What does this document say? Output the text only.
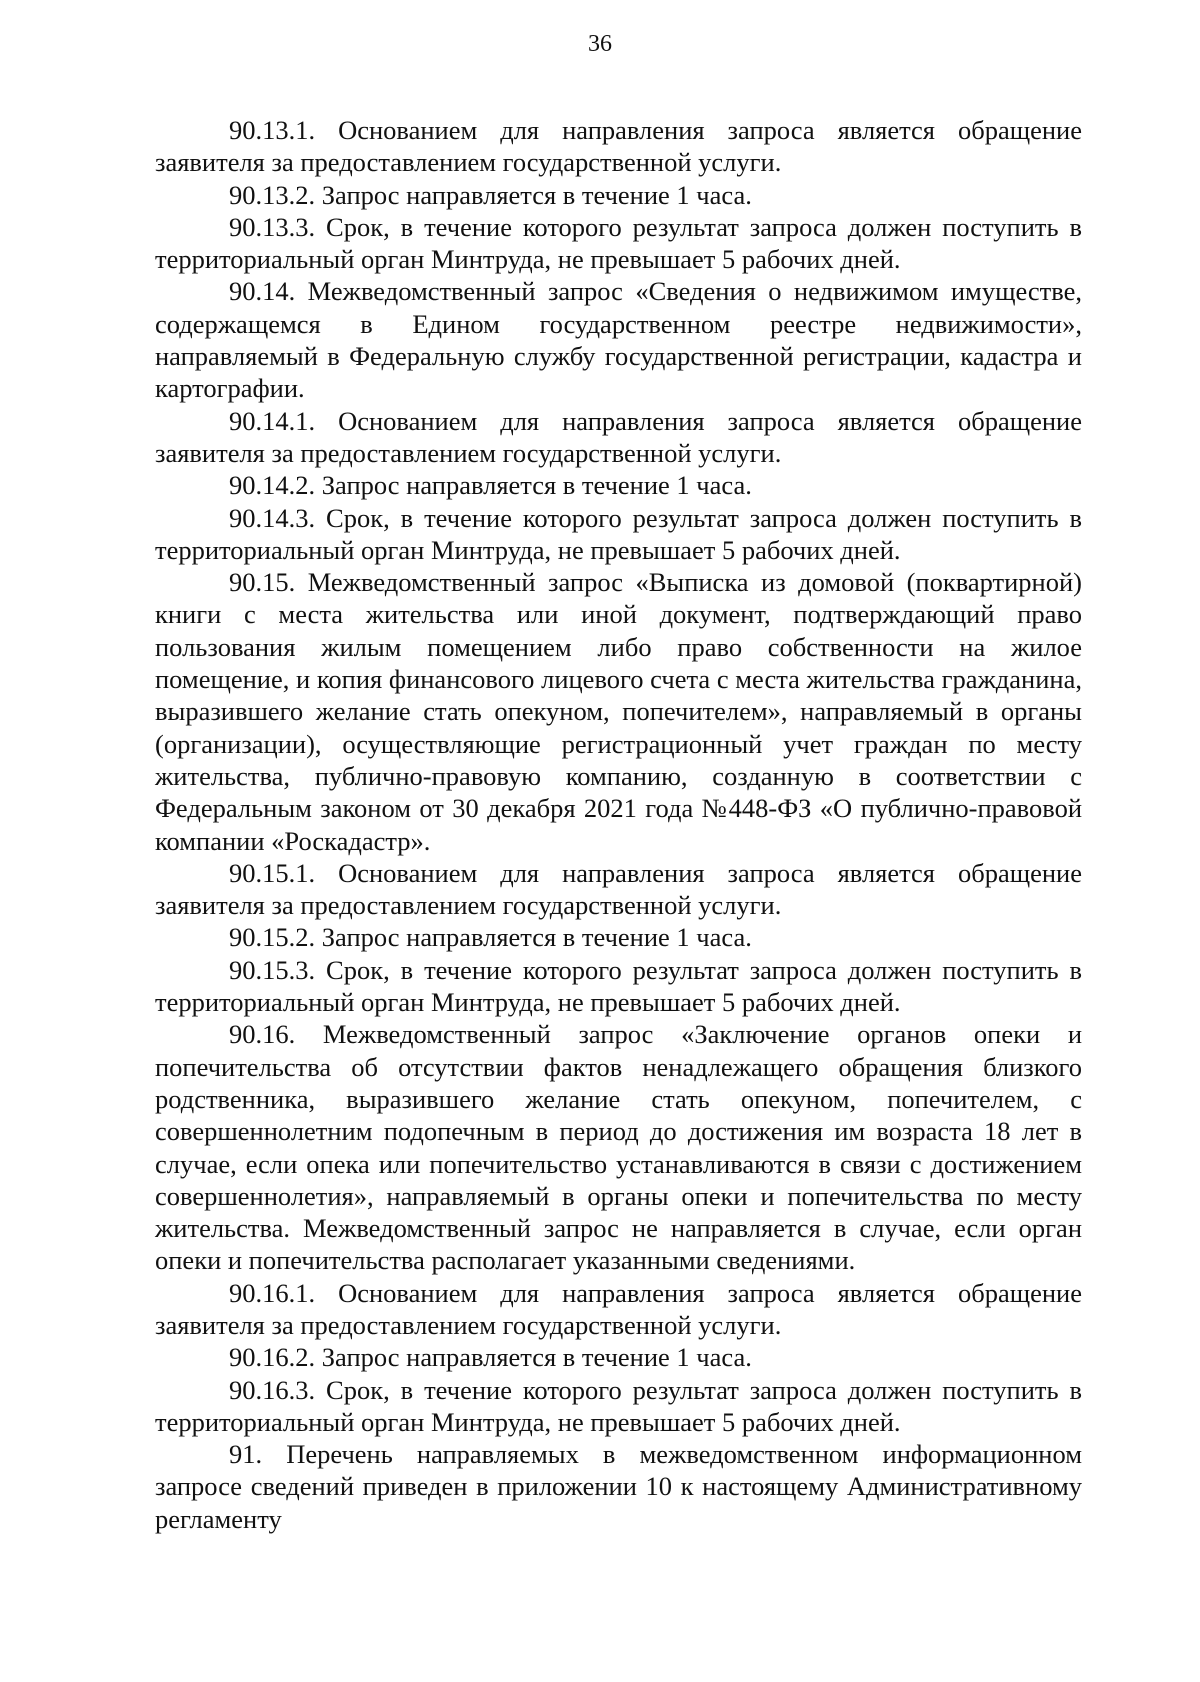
36

90.13.1. Основанием для направления запроса является обращение заявителя за предоставлением государственной услуги.

90.13.2. Запрос направляется в течение 1 часа.

90.13.3. Срок, в течение которого результат запроса должен поступить в территориальный орган Минтруда, не превышает 5 рабочих дней.

90.14. Межведомственный запрос «Сведения о недвижимом имуществе, содержащемся в Едином государственном реестре недвижимости», направляемый в Федеральную службу государственной регистрации, кадастра и картографии.

90.14.1. Основанием для направления запроса является обращение заявителя за предоставлением государственной услуги.

90.14.2. Запрос направляется в течение 1 часа.

90.14.3. Срок, в течение которого результат запроса должен поступить в территориальный орган Минтруда, не превышает 5 рабочих дней.

90.15. Межведомственный запрос «Выписка из домовой (поквартирной) книги с места жительства или иной документ, подтверждающий право пользования жилым помещением либо право собственности на жилое помещение, и копия финансового лицевого счета с места жительства гражданина, выразившего желание стать опекуном, попечителем», направляемый в органы (организации), осуществляющие регистрационный учет граждан по месту жительства, публично-правовую компанию, созданную в соответствии с Федеральным законом от 30 декабря 2021 года №448-ФЗ «О публично-правовой компании «Роскадастр».

90.15.1. Основанием для направления запроса является обращение заявителя за предоставлением государственной услуги.

90.15.2. Запрос направляется в течение 1 часа.

90.15.3. Срок, в течение которого результат запроса должен поступить в территориальный орган Минтруда, не превышает 5 рабочих дней.

90.16. Межведомственный запрос «Заключение органов опеки и попечительства об отсутствии фактов ненадлежащего обращения близкого родственника, выразившего желание стать опекуном, попечителем, с совершеннолетним подопечным в период до достижения им возраста 18 лет в случае, если опека или попечительство устанавливаются в связи с достижением совершеннолетия», направляемый в органы опеки и попечительства по месту жительства. Межведомственный запрос не направляется в случае, если орган опеки и попечительства располагает указанными сведениями.

90.16.1. Основанием для направления запроса является обращение заявителя за предоставлением государственной услуги.

90.16.2. Запрос направляется в течение 1 часа.

90.16.3. Срок, в течение которого результат запроса должен поступить в территориальный орган Минтруда, не превышает 5 рабочих дней.

91. Перечень направляемых в межведомственном информационном запросе сведений приведен в приложении 10 к настоящему Административному регламенту
